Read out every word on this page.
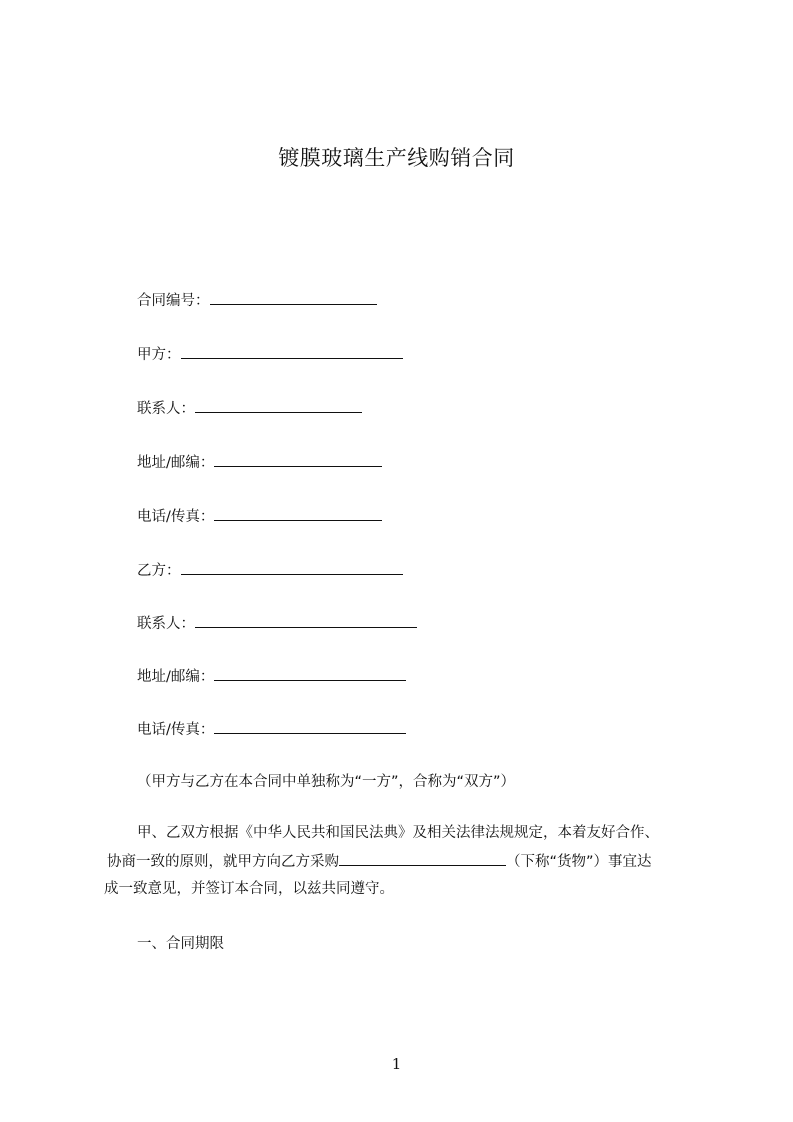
镀膜玻璃生产线购销合同
合同编号：
甲方：
联系人：
地址/邮编：
电话/传真：
乙方：
联系人：
地址/邮编：
电话/传真：
（甲方与乙方在本合同中单独称为“一方”，合称为“双方”）
甲、乙双方根据《中华人民共和国民法典》及相关法律法规规定，本着友好合作、
协商一致的原则，就甲方向乙方采购	（下称“货物”）事宜达
成一致意见，并签订本合同，以兹共同遵守。
一、合同期限
1
